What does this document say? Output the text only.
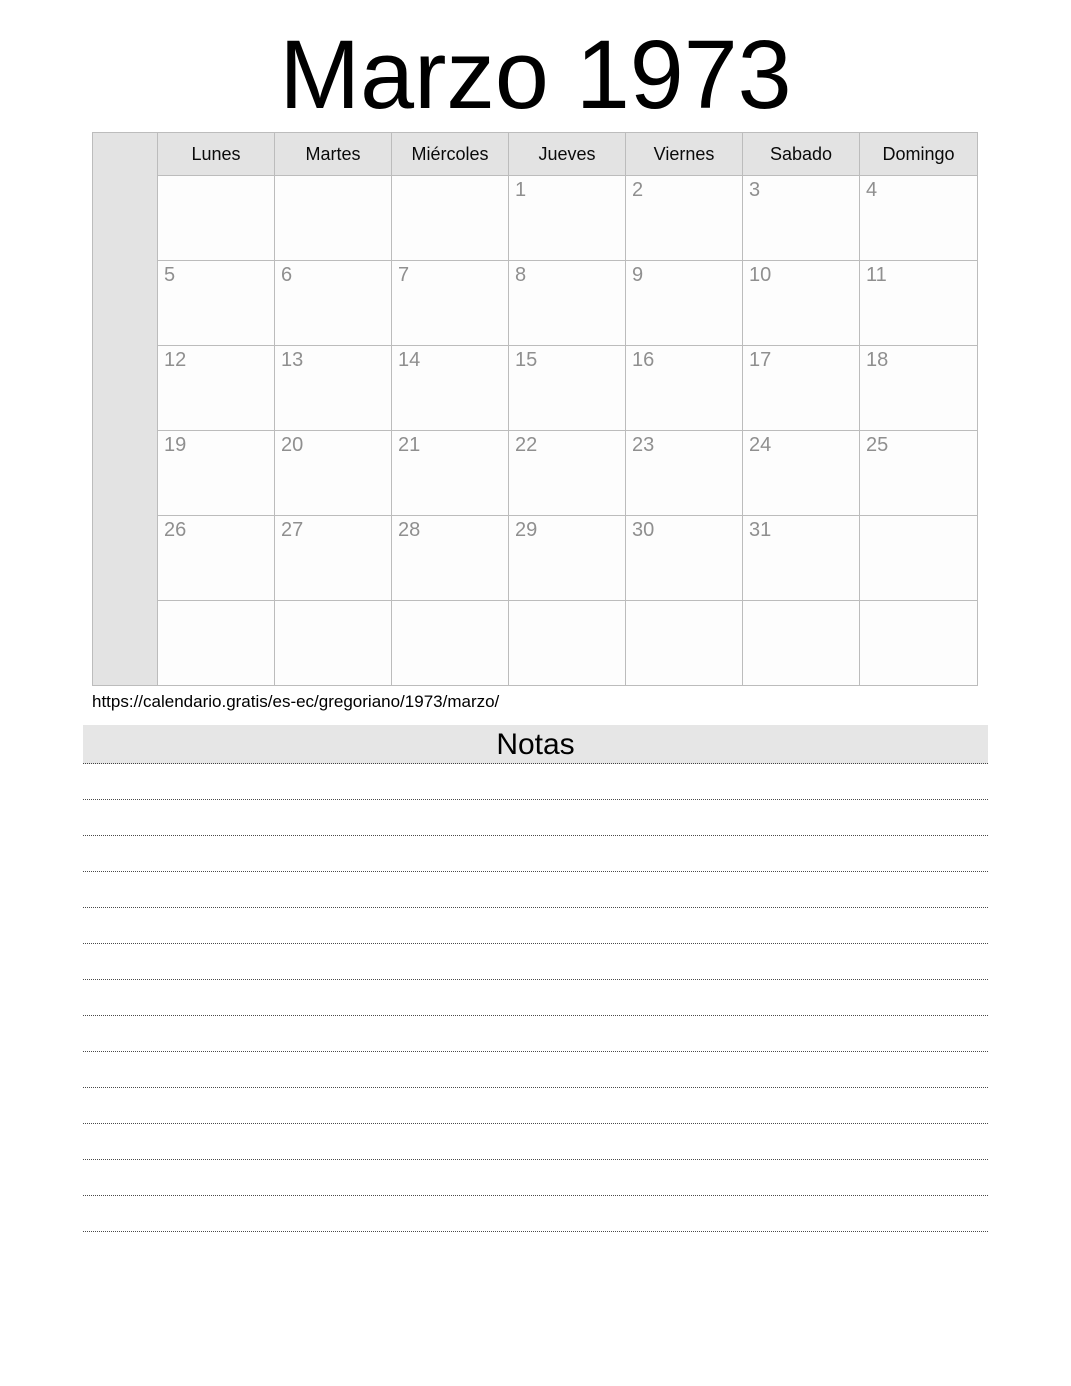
Marzo 1973
	Lunes	Martes	Miércoles	Jueves	Viernes	Sabado	Domingo
				1	2	3	4
	5	6	7	8	9	10	11
	12	13	14	15	16	17	18
	19	20	21	22	23	24	25
	26	27	28	29	30	31	

https://calendario.gratis/es-ec/gregoriano/1973/marzo/
Notas
